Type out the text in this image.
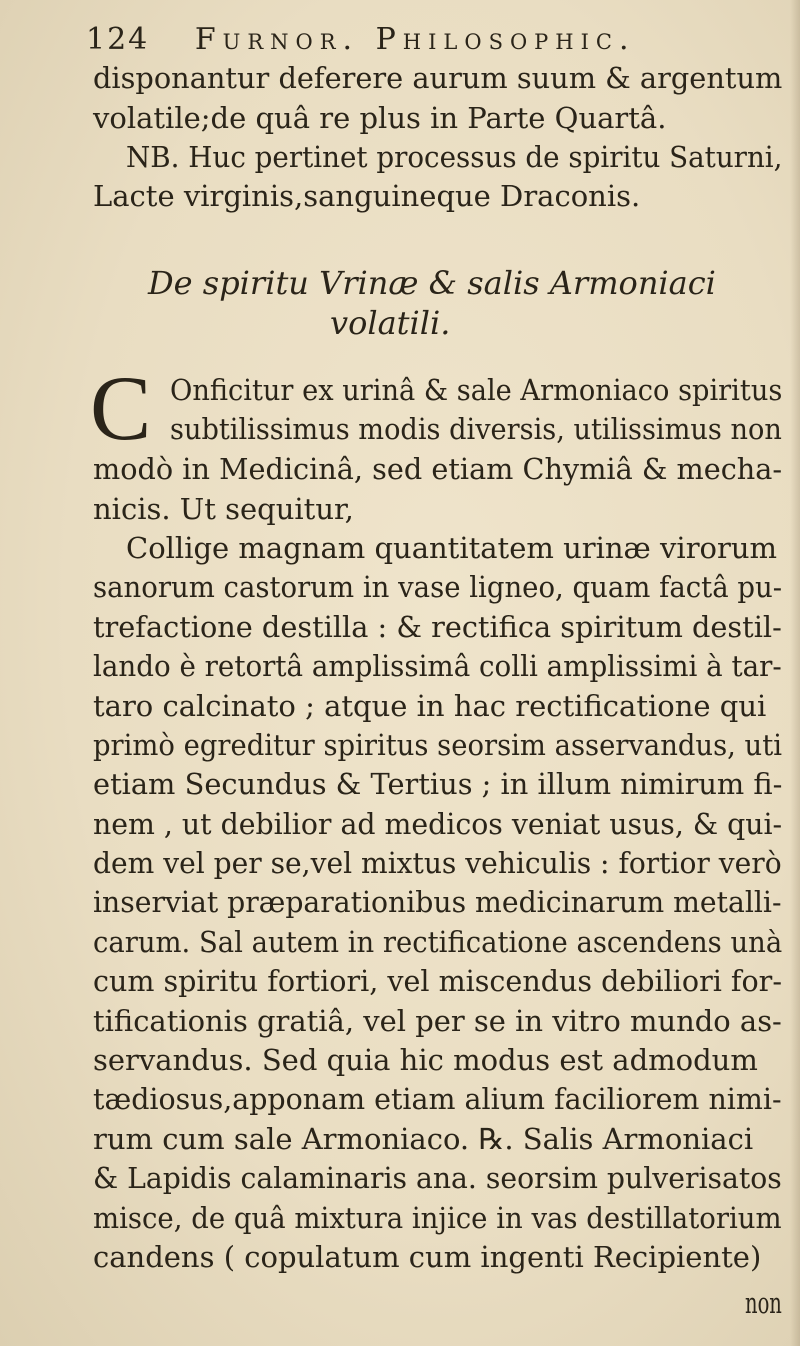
124 Furnor. Philosophic.
disponantur deferere aurum suum & argentum
volatile;de quâ re plus in Parte Quartâ.
NB. Huc pertinet processus de spiritu Saturni,
Lacte virginis,sanguineque Draconis.
De spiritu Vrinæ & salis Armoniaci
volatili.
C Onficitur ex urinâ & sale Armoniaco spiritus
subtilissimus modis diversis, utilissimus non
modò in Medicinâ, sed etiam Chymiâ & mecha-
nicis. Ut sequitur,
Collige magnam quantitatem urinæ virorum
sanorum castorum in vase ligneo, quam factâ pu-
trefactione destilla : & rectifica spiritum destil-
lando è retortâ amplissimâ colli amplissimi à tar-
taro calcinato ; atque in hac rectificatione qui
primò egreditur spiritus seorsim asservandus, uti
etiam Secundus & Tertius ; in illum nimirum fi-
nem , ut debilior ad medicos veniat usus, & qui-
dem vel per se,vel mixtus vehiculis : fortior verò
inserviat præparationibus medicinarum metalli-
carum. Sal autem in rectificatione ascendens unà
cum spiritu fortiori, vel miscendus debiliori for-
tificationis gratiâ, vel per se in vitro mundo as-
servandus. Sed quia hic modus est admodum
tædiosus,apponam etiam alium faciliorem nimi-
rum cum sale Armoniaco. ℞. Salis Armoniaci
& Lapidis calaminaris ana. seorsim pulverisatos
misce, de quâ mixtura injice in vas destillatorium
candens ( copulatum cum ingenti Recipiente)
non
